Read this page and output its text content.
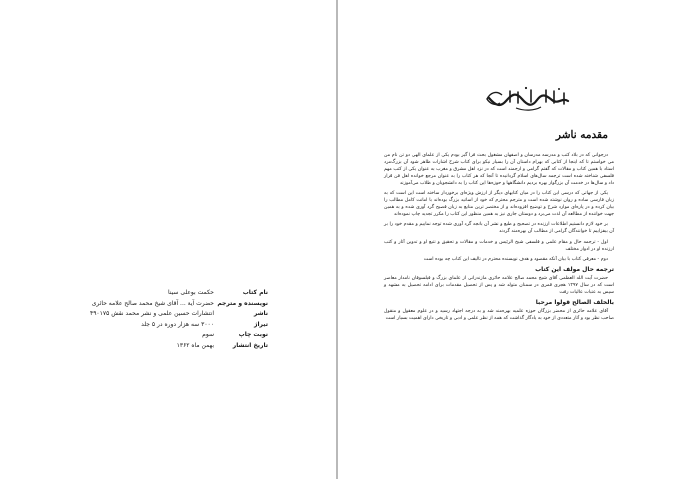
نام کتاب
حکمت بوعلی سینا
نویسنده و مترجم
حضرت آیة ... آقای شیخ محمد صالح علامه حائری
ناشر
انتشارات حسین علمی و نشر محمد نقش ۴۹۰۱۷۵
تیراژ
۳۰۰۰ سه هزار دوره در ۵ جلد
نوبت چاپ
سوم
تاریخ انتشار
بهمن ماه ۱۳۶۲
مقدمه ناشر

درجوانی که در بلاد کتب و مدرسه مدرسان و اصفهان مشغول بحث فرا گیر بودم یکی از علمای الهی دو تن نام من می خواستم تا که اینجا از کتابی که بهرام داستان آن را بسیار نیکو برای کتاب شرح اشارات ظاهر شود آن بزرگ‌مرد استاد با همین کتاب و مقالات که گفتم گرامی و ارجمند است که در نزد اهل مشرق و مغرب به عنوان یکی از کتب مهم فلسفی شناخته شده است ترجمه سال‌های اسلام گردانیده تا آنجا که هر کتاب را به عنوان مرجع خوانده اهل فن قرار داد و سال‌ها در خدمت آن بزرگوار بهره بردیم دانشگاهها و حوزه‌ها این کتاب را به دانشجویان و طلاب می‌آموزند

یکی از جهاتی که درسی این کتاب را در میان کتابهای دیگر از ارزش ویژه‌ای برخوردار ساخته است این است که به زبان فارسی ساده و روان نوشته شده است و مترجم محترم که خود از اساتید بزرگ بوده‌اند با امانت کامل مطالب را بیان کرده و در پاره‌ای موارد شرح و توضیح افزوده‌اند و از مختصر ترین منابع به زبان فصیح گرد آوری شده و به همین جهت خواننده از مطالعه آن لذت می‌برد و دوستان جاری نیز به همین منظور این کتاب را مکرر تجدید چاپ نموده‌اند

بر خود لازم دانستیم اطلاعات ارزنده در تصحیح و طبع و نشر آن بانجه گرد آوری شده توجه نماییم و مقدم خود را بر آن بیفزاییم تا خوانندگان گرامی از مطالب آن بهره‌مند گردند

اول - ترجمه حال و مقام علمی و فلسفی شیخ الرئیس و خدمات و مقالات و تحقیق و تتبع او و تدوین آثار و کتب ارزنده او در ادوار مختلف

دوم - معرفی کتاب با بیان آنکه مقصود و هدف نویسنده محترم در تالیف این کتاب چه بوده است

ترجمه حال مولف این کتاب

حضرت آیت الله العظمی آقای شیخ محمد صالح علامه حائری مازندرانی از علمای بزرگ و فیلسوفان نامدار معاصر است که در سال ۱۲۹۷ هجری قمری در سمنان متولد شد و پس از تحصیل مقدمات برای ادامه تحصیل به مشهد و سپس به عتبات عالیات رفت

بالخلف الصالح قولوا مرحبا

آقای علامه حائری از محضر بزرگان حوزه علمیه بهره‌مند شد و به درجه اجتهاد رسید و در علوم معقول و منقول صاحب نظر بود و آثار متعددی از خود به یادگار گذاشت که همه از نظر علمی و ادبی و تاریخی دارای اهمیت بسیار است
